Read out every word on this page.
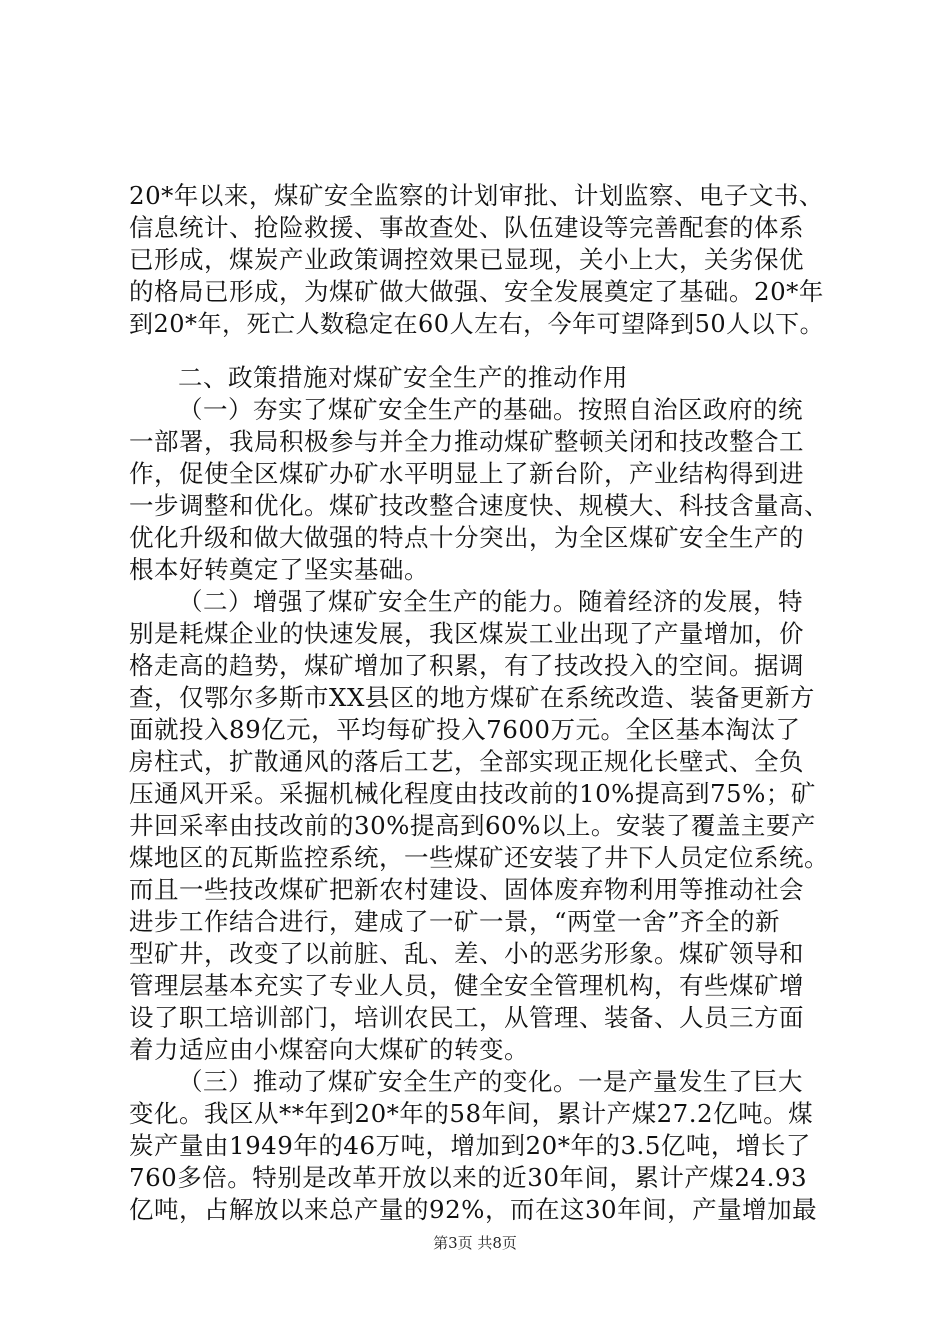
20*年以来，煤矿安全监察的计划审批、计划监察、电子文书、
信息统计、抢险救援、事故查处、队伍建设等完善配套的体系
已形成，煤炭产业政策调控效果已显现，关小上大，关劣保优
的格局已形成，为煤矿做大做强、安全发展奠定了基础。20*年
到20*年，死亡人数稳定在60人左右，今年可望降到50人以下。
二、政策措施对煤矿安全生产的推动作用
（一）夯实了煤矿安全生产的基础。按照自治区政府的统
一部署，我局积极参与并全力推动煤矿整顿关闭和技改整合工
作，促使全区煤矿办矿水平明显上了新台阶，产业结构得到进
一步调整和优化。煤矿技改整合速度快、规模大、科技含量高、
优化升级和做大做强的特点十分突出，为全区煤矿安全生产的
根本好转奠定了坚实基础。
（二）增强了煤矿安全生产的能力。随着经济的发展，特
别是耗煤企业的快速发展，我区煤炭工业出现了产量增加，价
格走高的趋势，煤矿增加了积累，有了技改投入的空间。据调
查，仅鄂尔多斯市XX县区的地方煤矿在系统改造、装备更新方
面就投入89亿元，平均每矿投入7600万元。全区基本淘汰了
房柱式，扩散通风的落后工艺，全部实现正规化长壁式、全负
压通风开采。采掘机械化程度由技改前的10%提高到75%；矿
井回采率由技改前的30%提高到60%以上。安装了覆盖主要产
煤地区的瓦斯监控系统，一些煤矿还安装了井下人员定位系统。
而且一些技改煤矿把新农村建设、固体废弃物利用等推动社会
进步工作结合进行，建成了一矿一景，“两堂一舍”齐全的新
型矿井，改变了以前脏、乱、差、小的恶劣形象。煤矿领导和
管理层基本充实了专业人员，健全安全管理机构，有些煤矿增
设了职工培训部门，培训农民工，从管理、装备、人员三方面
着力适应由小煤窑向大煤矿的转变。
（三）推动了煤矿安全生产的变化。一是产量发生了巨大
变化。我区从**年到20*年的58年间，累计产煤27.2亿吨。煤
炭产量由1949年的46万吨，增加到20*年的3.5亿吨，增长了
760多倍。特别是改革开放以来的近30年间，累计产煤24.93
亿吨，占解放以来总产量的92%，而在这30年间，产量增加最
第3页 共8页
